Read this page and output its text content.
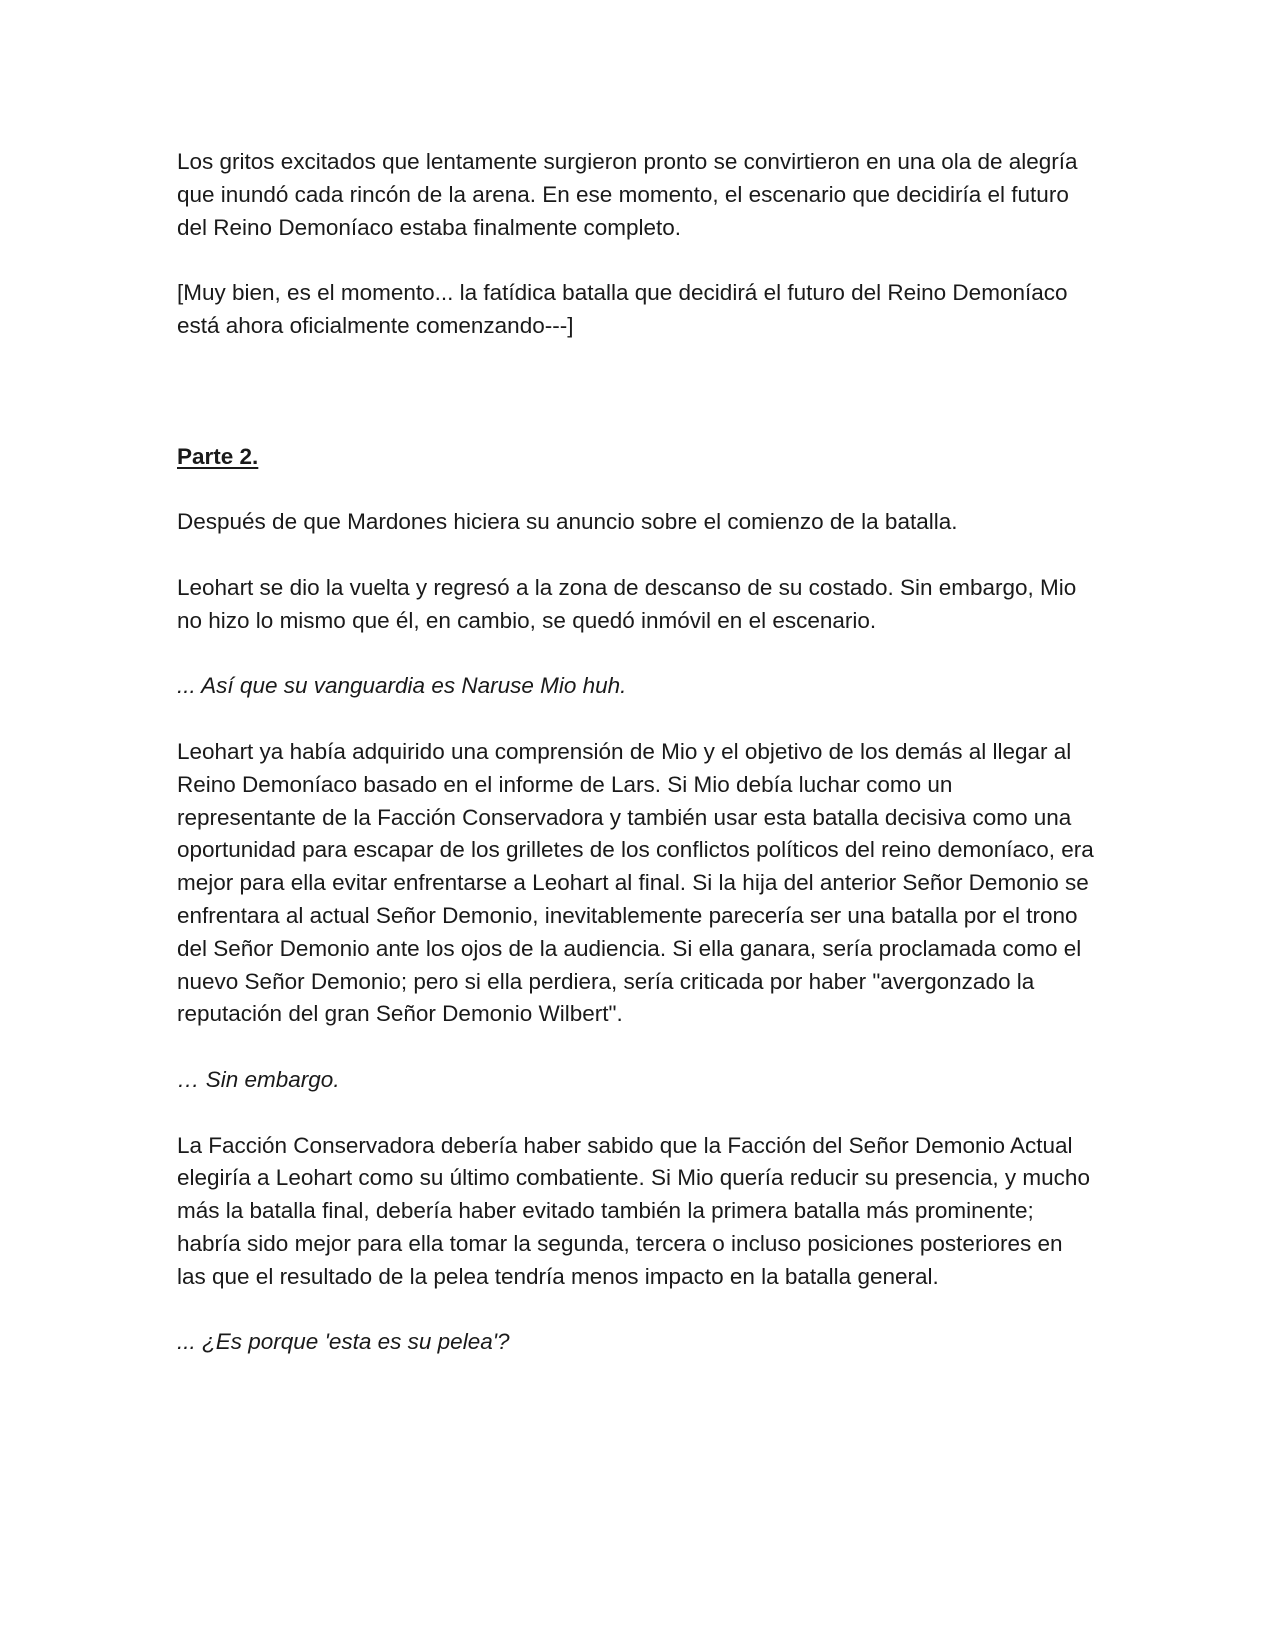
Los gritos excitados que lentamente surgieron pronto se convirtieron en una ola de alegría que inundó cada rincón de la arena. En ese momento, el escenario que decidiría el futuro del Reino Demoníaco estaba finalmente completo.

[Muy bien, es el momento... la fatídica batalla que decidirá el futuro del Reino Demoníaco está ahora oficialmente comenzando---]

Parte 2.

Después de que Mardones hiciera su anuncio sobre el comienzo de la batalla.

Leohart se dio la vuelta y regresó a la zona de descanso de su costado. Sin embargo, Mio no hizo lo mismo que él, en cambio, se quedó inmóvil en el escenario.

... Así que su vanguardia es Naruse Mio huh.

Leohart ya había adquirido una comprensión de Mio y el objetivo de los demás al llegar al Reino Demoníaco basado en el informe de Lars. Si Mio debía luchar como un representante de la Facción Conservadora y también usar esta batalla decisiva como una oportunidad para escapar de los grilletes de los conflictos políticos del reino demoníaco, era mejor para ella evitar enfrentarse a Leohart al final. Si la hija del anterior Señor Demonio se enfrentara al actual Señor Demonio, inevitablemente parecería ser una batalla por el trono del Señor Demonio ante los ojos de la audiencia. Si ella ganara, sería proclamada como el nuevo Señor Demonio; pero si ella perdiera, sería criticada por haber "avergonzado la reputación del gran Señor Demonio Wilbert".

… Sin embargo.

La Facción Conservadora debería haber sabido que la Facción del Señor Demonio Actual elegiría a Leohart como su último combatiente. Si Mio quería reducir su presencia, y mucho más la batalla final, debería haber evitado también la primera batalla más prominente; habría sido mejor para ella tomar la segunda, tercera o incluso posiciones posteriores en las que el resultado de la pelea tendría menos impacto en la batalla general.

... ¿Es porque 'esta es su pelea'?
